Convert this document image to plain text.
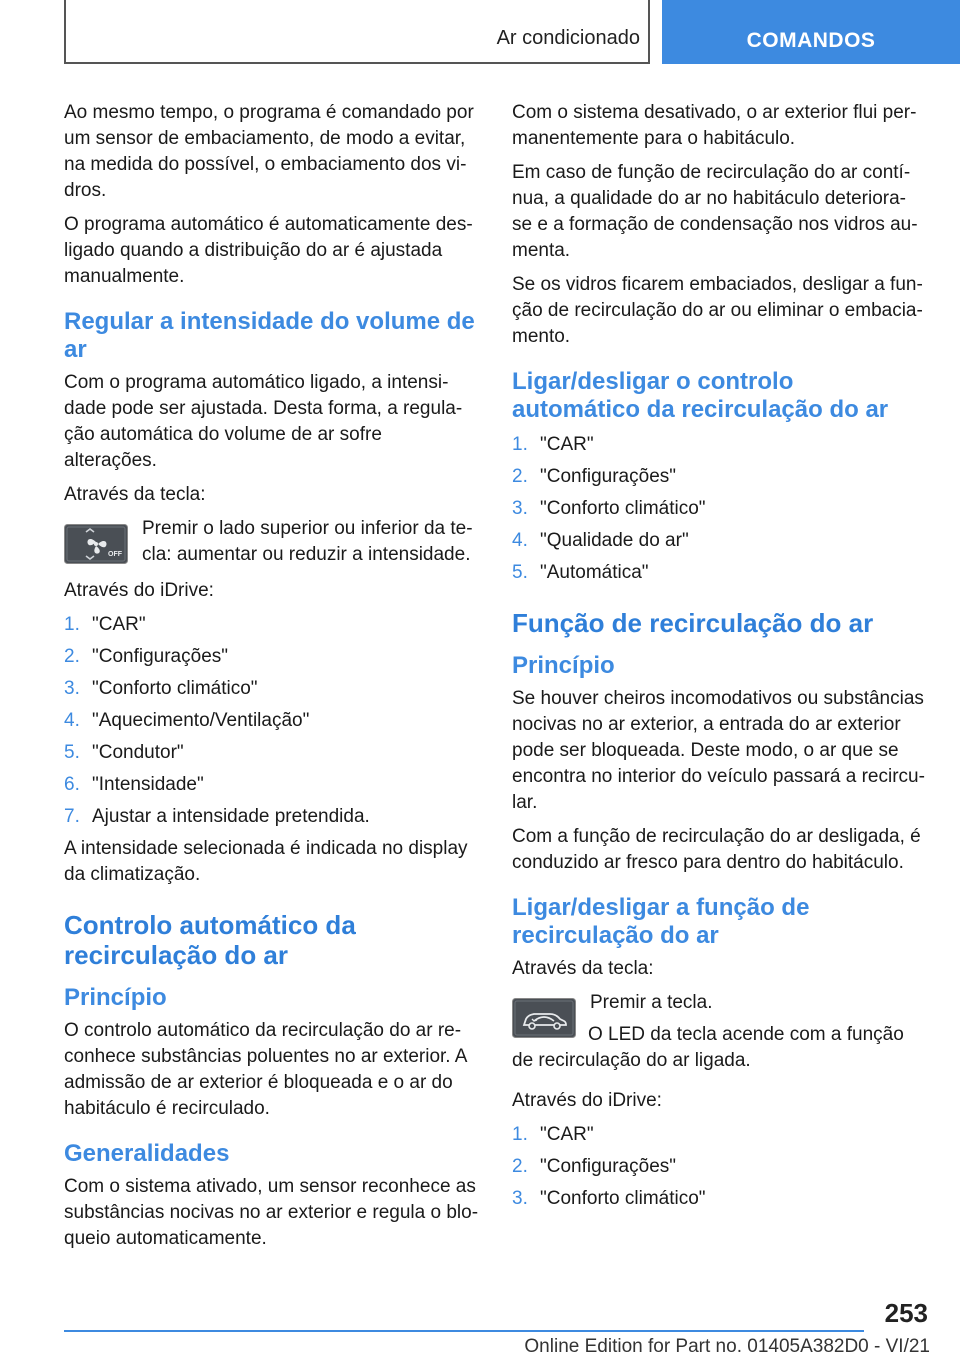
Ar condicionado	COMANDOS

Ao mesmo tempo, o programa é comandado por um sensor de embaciamento, de modo a evitar, na medida do possível, o embaciamento dos vidros.

O programa automático é automaticamente desligado quando a distribuição do ar é ajustada manualmente.

Regular a intensidade do volume de ar

Com o programa automático ligado, a intensidade pode ser ajustada. Desta forma, a regulação automática do volume de ar sofre alterações.

Através da tecla:

OFF
Premir o lado superior ou inferior da tecla: aumentar ou reduzir a intensidade.

Através do iDrive:

1. "CAR"
2. "Configurações"
3. "Conforto climático"
4. "Aquecimento/Ventilação"
5. "Condutor"
6. "Intensidade"
7. Ajustar a intensidade pretendida.

A intensidade selecionada é indicada no display da climatização.

Controlo automático da recirculação do ar
Princípio

O controlo automático da recirculação do ar reconhece substâncias poluentes no ar exterior. A admissão de ar exterior é bloqueada e o ar do habitáculo é recirculado.

Generalidades

Com o sistema ativado, um sensor reconhece as substâncias nocivas no ar exterior e regula o bloqueio automaticamente.

Com o sistema desativado, o ar exterior flui permanentemente para o habitáculo.

Em caso de função de recirculação do ar contínua, a qualidade do ar no habitáculo deteriora-se e a formação de condensação nos vidros aumenta.

Se os vidros ficarem embaciados, desligar a função de recirculação do ar ou eliminar o embaciamento.

Ligar/desligar o controlo automático da recirculação do ar
1. "CAR"
2. "Configurações"
3. "Conforto climático"
4. "Qualidade do ar"
5. "Automática"
Função de recirculação do ar
Princípio

Se houver cheiros incomodativos ou substâncias nocivas no ar exterior, a entrada do ar exterior pode ser bloqueada. Deste modo, o ar que se encontra no interior do veículo passará a recircular.

Com a função de recirculação do ar desligada, é conduzido ar fresco para dentro do habitáculo.

Ligar/desligar a função de recirculação do ar

Através da tecla:

Premir a tecla.

O LED da tecla acende com a função de recirculação do ar ligada.

Através do iDrive:

1. "CAR"
2. "Configurações"
3. "Conforto climático"
253
Online Edition for Part no. 01405A382D0 - VI/21
